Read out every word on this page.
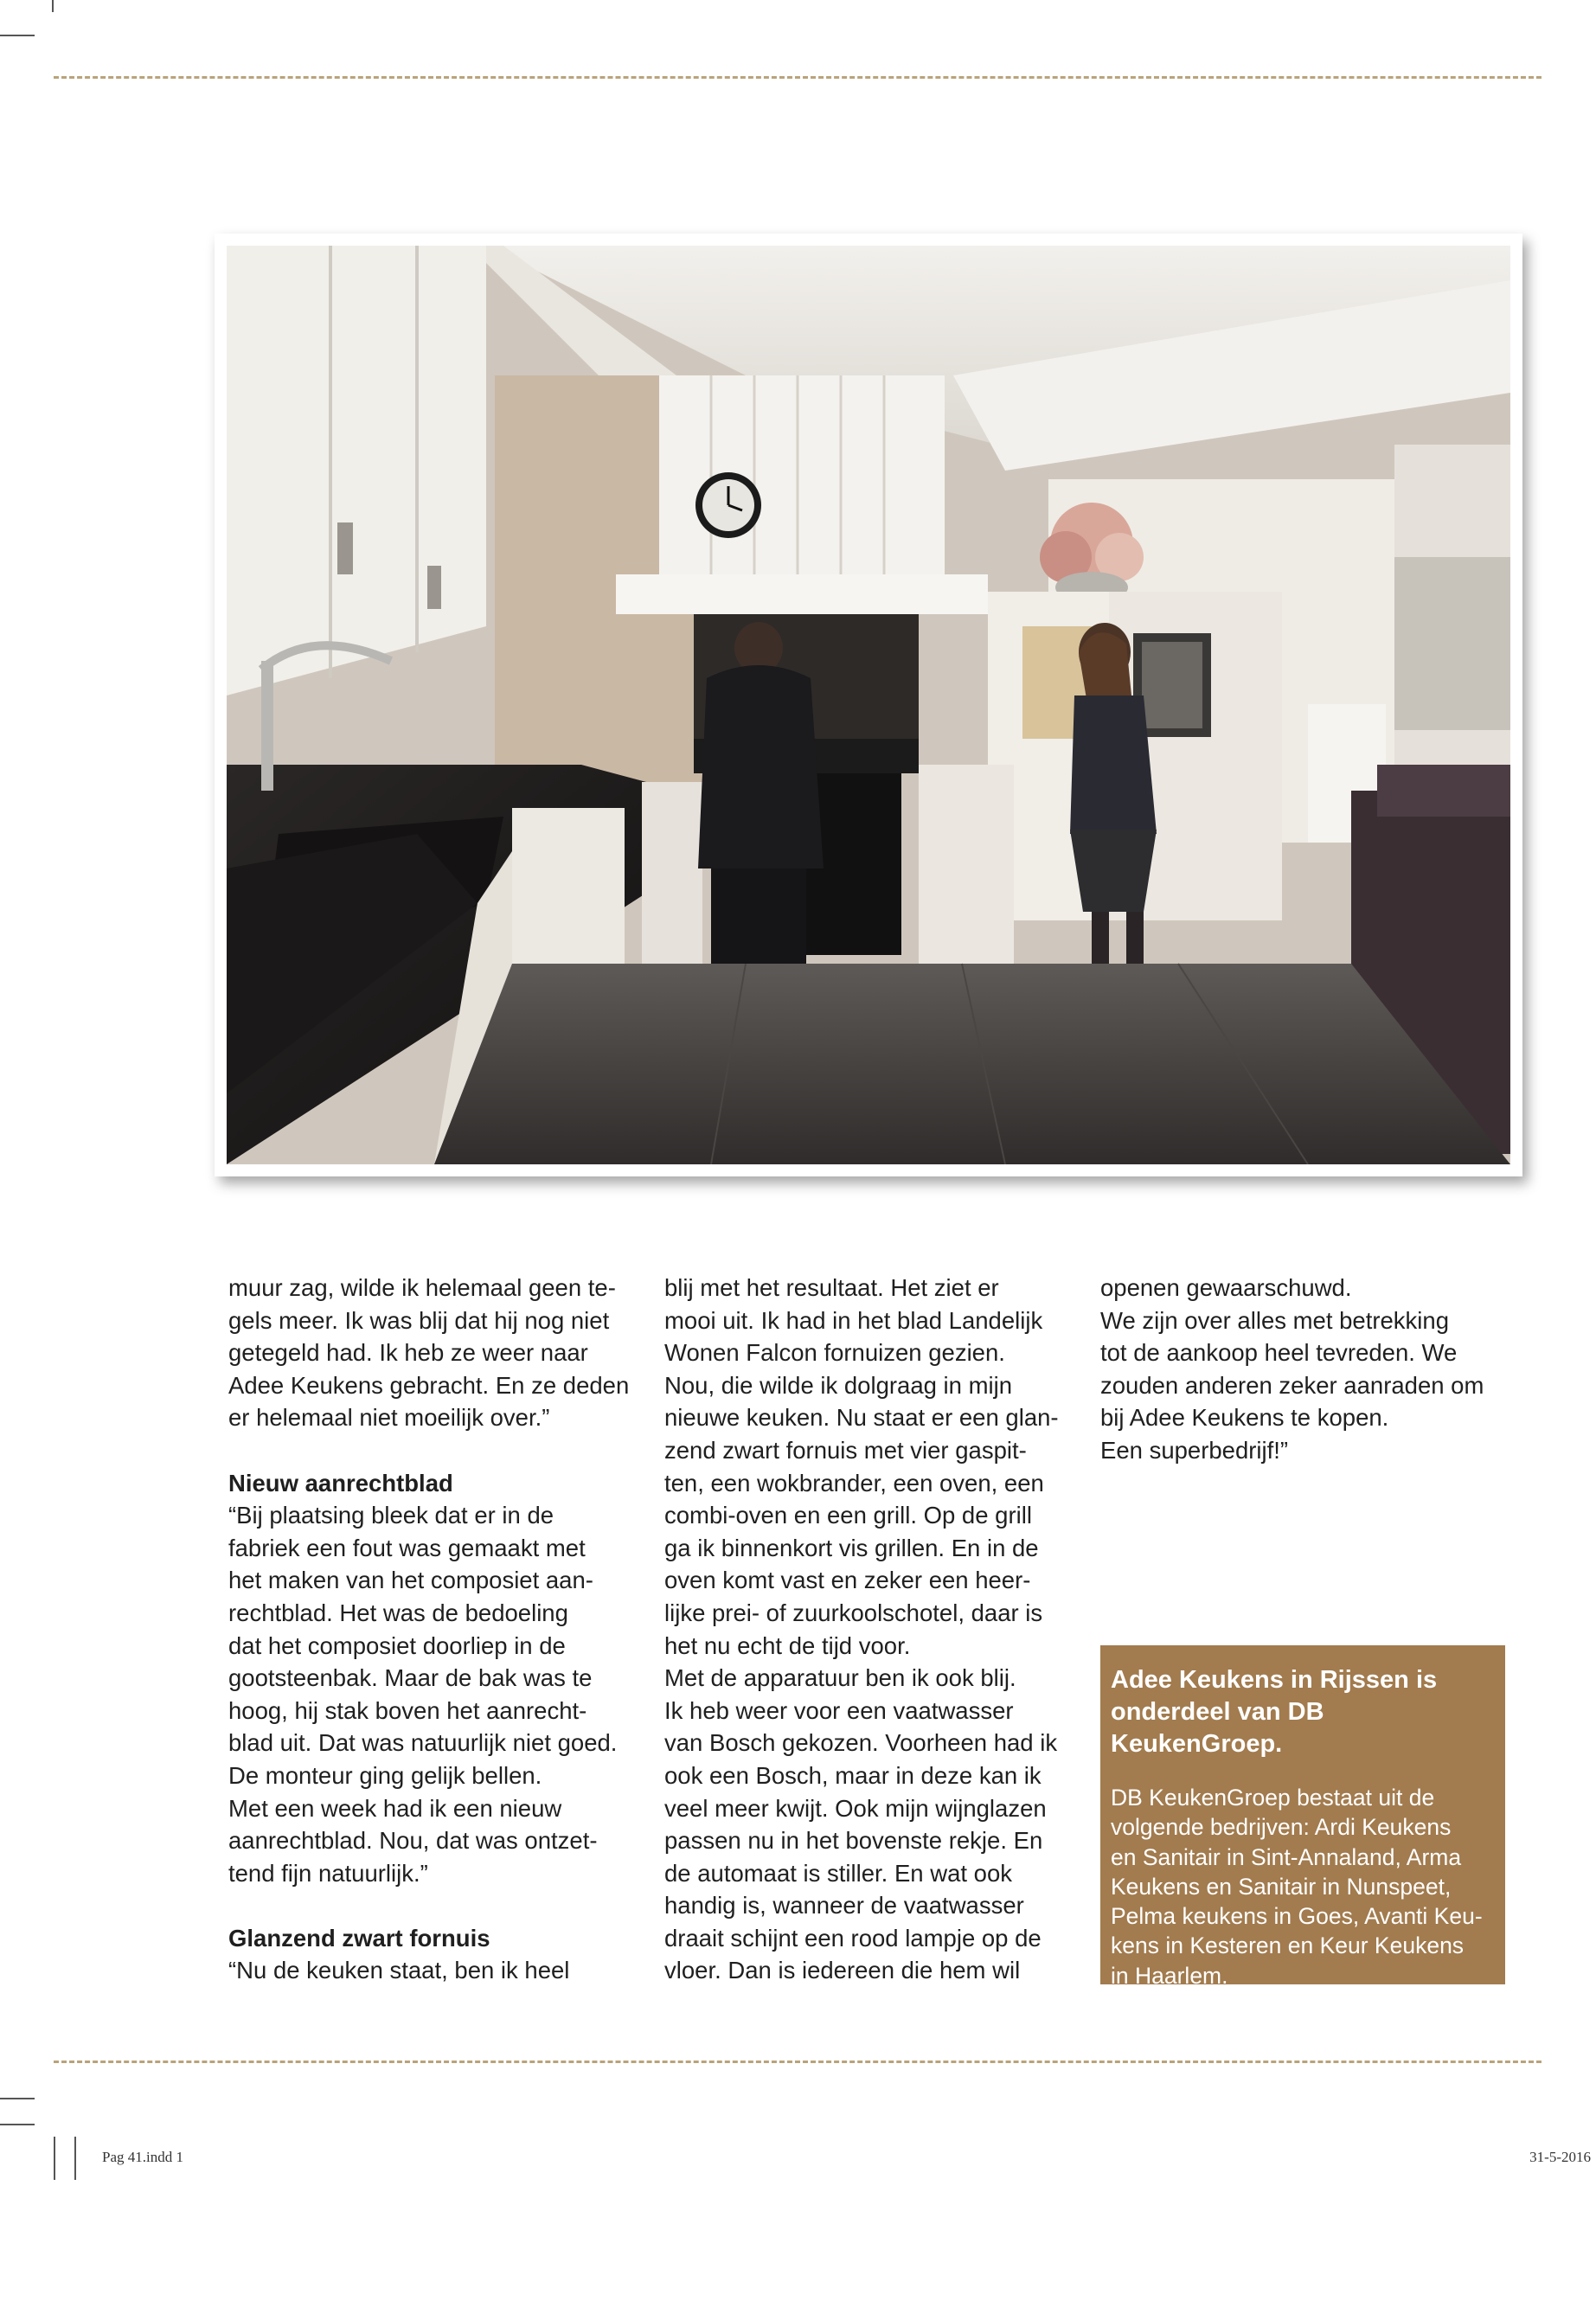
muur zag, wilde ik helemaal geen te-
gels meer. Ik was blij dat hij nog niet
getegeld had. Ik heb ze weer naar
Adee Keukens gebracht. En ze deden
er helemaal niet moeilijk over.”

Nieuw aanrechtblad

“Bij plaatsing bleek dat er in de
fabriek een fout was gemaakt met
het maken van het composiet aan-
rechtblad. Het was de bedoeling
dat het composiet doorliep in de
gootsteenbak. Maar de bak was te
hoog, hij stak boven het aanrecht-
blad uit. Dat was natuurlijk niet goed.
De monteur ging gelijk bellen.
Met een week had ik een nieuw
aanrechtblad. Nou, dat was ontzet-
tend fijn natuurlijk.”

Glanzend zwart fornuis

“Nu de keuken staat, ben ik heel

blij met het resultaat. Het ziet er
mooi uit. Ik had in het blad Landelijk
Wonen Falcon fornuizen gezien.
Nou, die wilde ik dolgraag in mijn
nieuwe keuken. Nu staat er een glan-
zend zwart fornuis met vier gaspit-
ten, een wokbrander, een oven, een
combi-oven en een grill. Op de grill
ga ik binnenkort vis grillen. En in de
oven komt vast en zeker een heer-
lijke prei- of zuurkoolschotel, daar is
het nu echt de tijd voor.
Met de apparatuur ben ik ook blij.
Ik heb weer voor een vaatwasser
van Bosch gekozen. Voorheen had ik
ook een Bosch, maar in deze kan ik
veel meer kwijt. Ook mijn wijnglazen
passen nu in het bovenste rekje. En
de automaat is stiller. En wat ook
handig is, wanneer de vaatwasser
draait schijnt een rood lampje op de
vloer. Dan is iedereen die hem wil

openen gewaarschuwd.
We zijn over alles met betrekking
tot de aankoop heel tevreden. We
zouden anderen zeker aanraden om
bij Adee Keukens te kopen.
Een superbedrijf!”

Adee Keukens in Rijssen is
onderdeel van DB KeukenGroep.

DB KeukenGroep bestaat uit de
volgende bedrijven: Ardi Keukens
en Sanitair in Sint-Annaland, Arma
Keukens en Sanitair in Nunspeet,
Pelma keukens in Goes, Avanti Keu-
kens in Kesteren en Keur Keukens
in Haarlem.

Pag 41.indd 1	31-5-2016
